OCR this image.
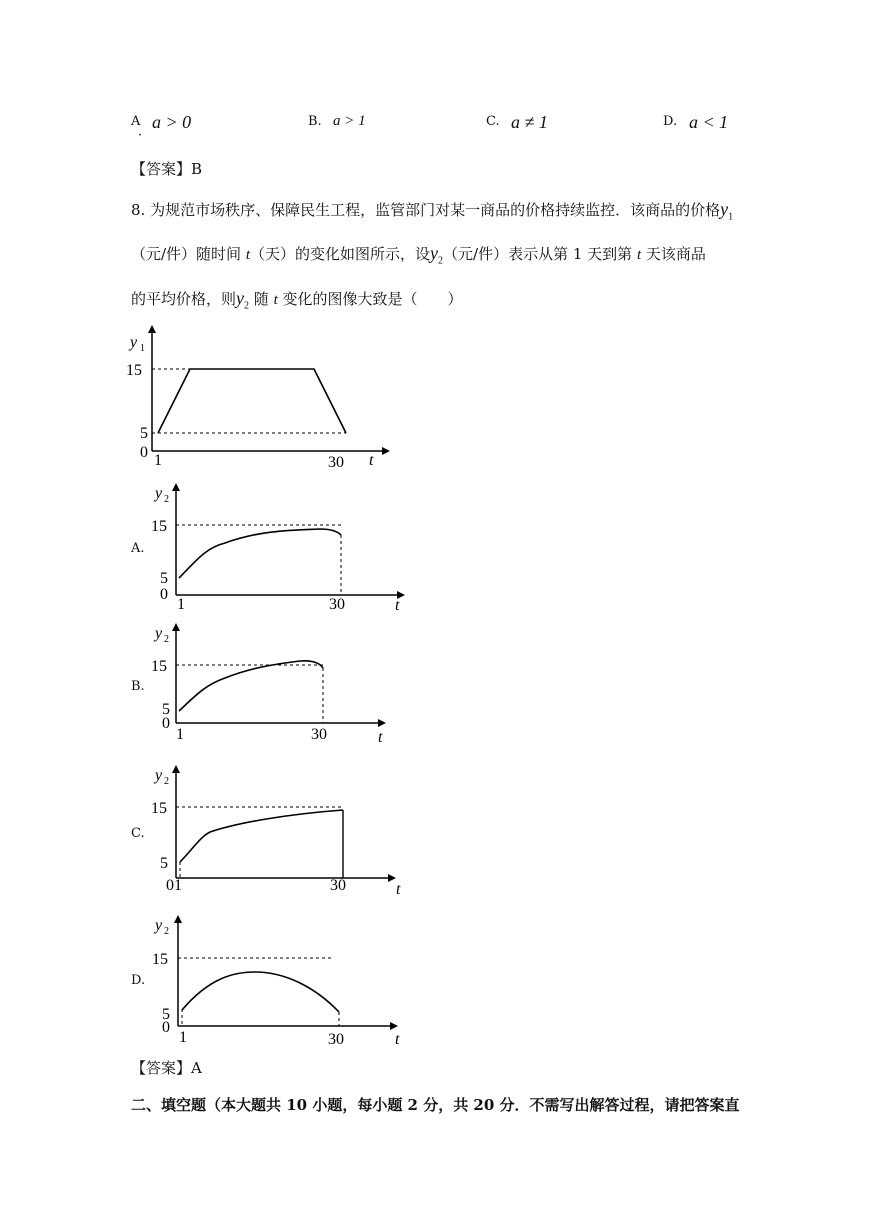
A
·
a > 0	B. a > 1	C. a ≠ 1	D. a < 1
【答案】B
8. 为规范市场秩序、保障民生工程，监管部门对某一商品的价格持续监控．该商品的价格$y_1$
（元/件）随时间 t（天）的变化如图所示，设$y_2$（元/件）表示从第 1 天到第 t 天该商品
的平均价格，则$y_2$ 随 t 变化的图像大致是（　　）
y 1
15
5
0 1	30 t
A.
y 2
15
5
0
1	30	t
B.
y 2
15
5
0
1	30	t
C.
y 2
15
5
01	30	t
D.
y 2
15
5
0
1	30	t
【答案】A
二、填空题（本大题共 10 小题，每小题 2 分，共 20 分．不需写出解答过程，请把答案直
